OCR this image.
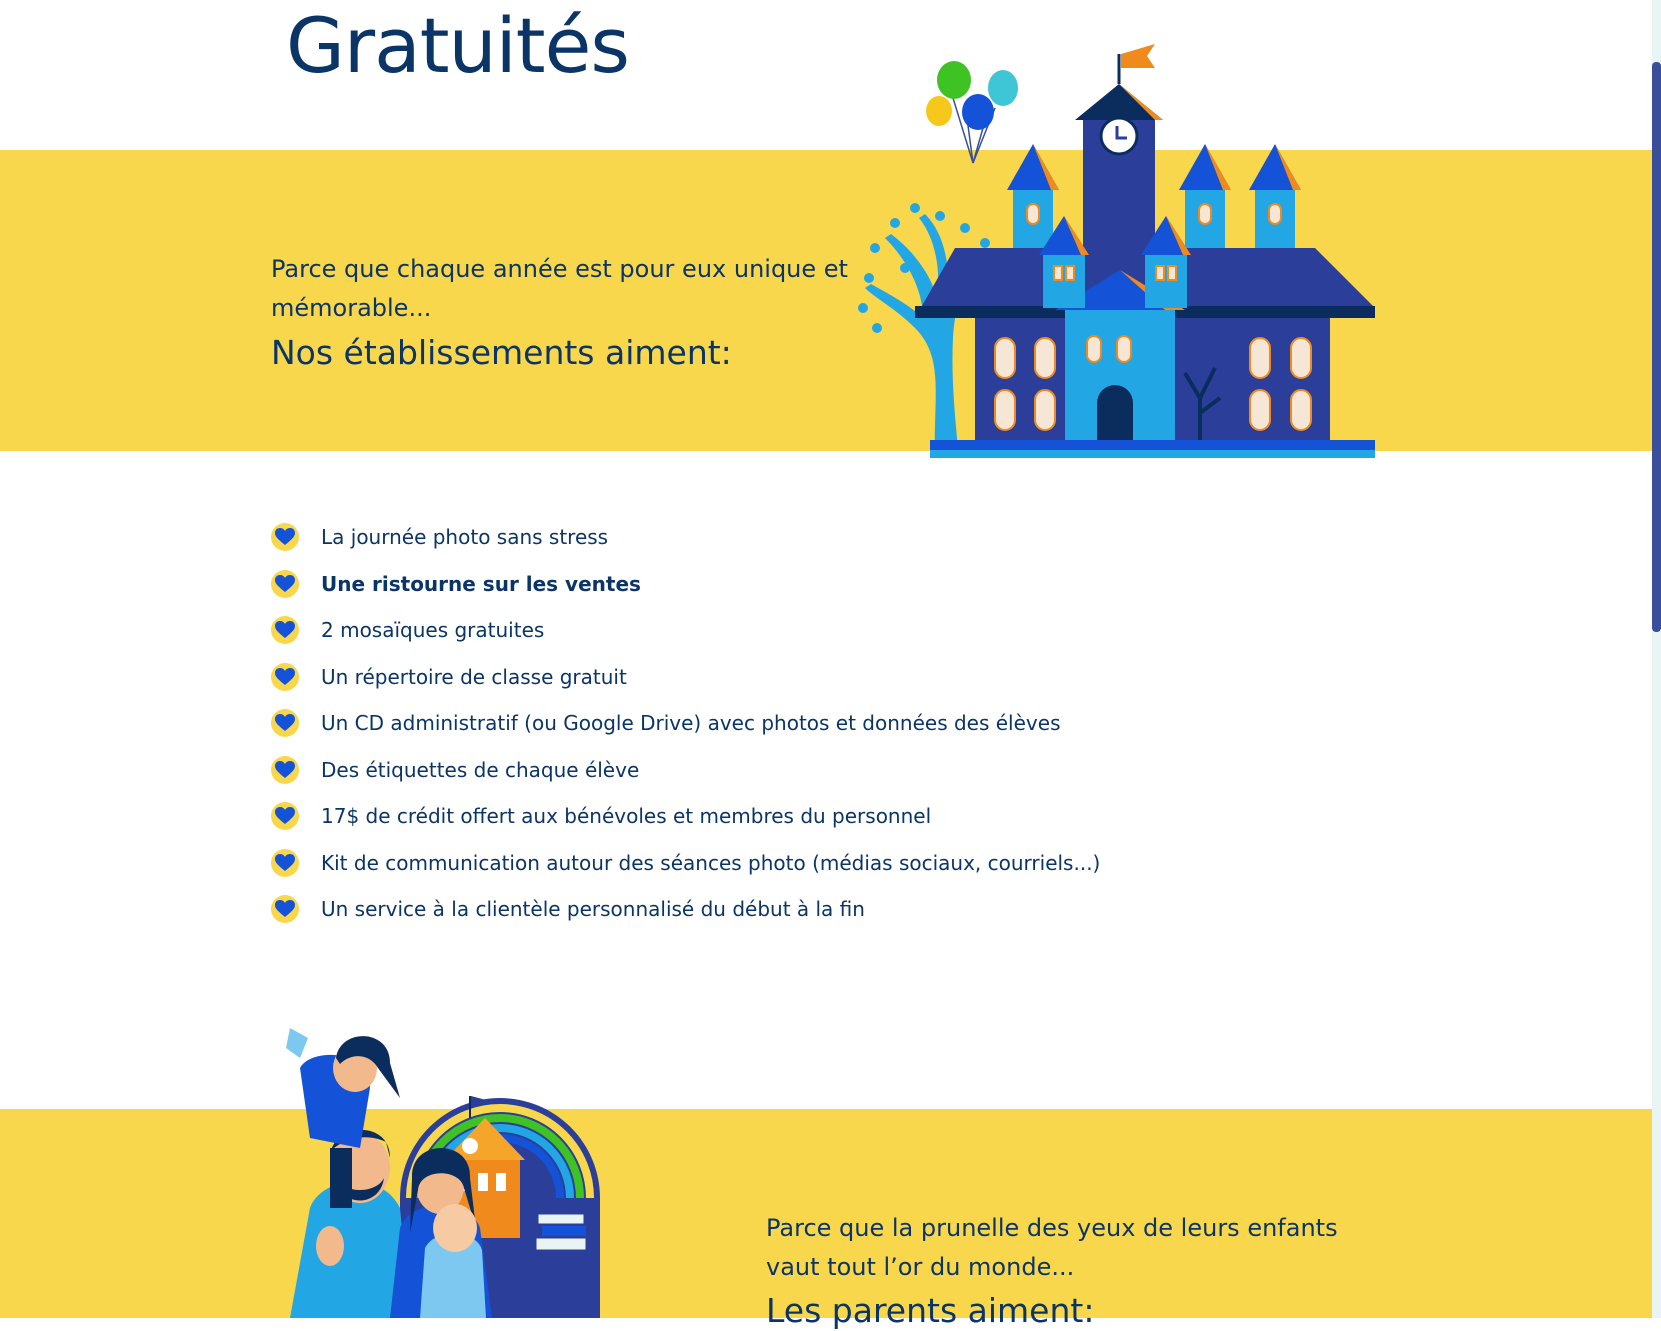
Gratuités

Parce que chaque année est pour eux unique et mémorable...

Nos établissements aiment:
La journée photo sans stress
Une ristourne sur les ventes
2 mosaïques gratuites
Un répertoire de classe gratuit
Un CD administratif (ou Google Drive) avec photos et données des élèves
Des étiquettes de chaque élève
17$ de crédit offert aux bénévoles et membres du personnel
Kit de communication autour des séances photo (médias sociaux, courriels...)
Un service à la clientèle personnalisé du début à la fin

Parce que la prunelle des yeux de leurs enfants vaut tout l’or du monde...

Les parents aiment:
